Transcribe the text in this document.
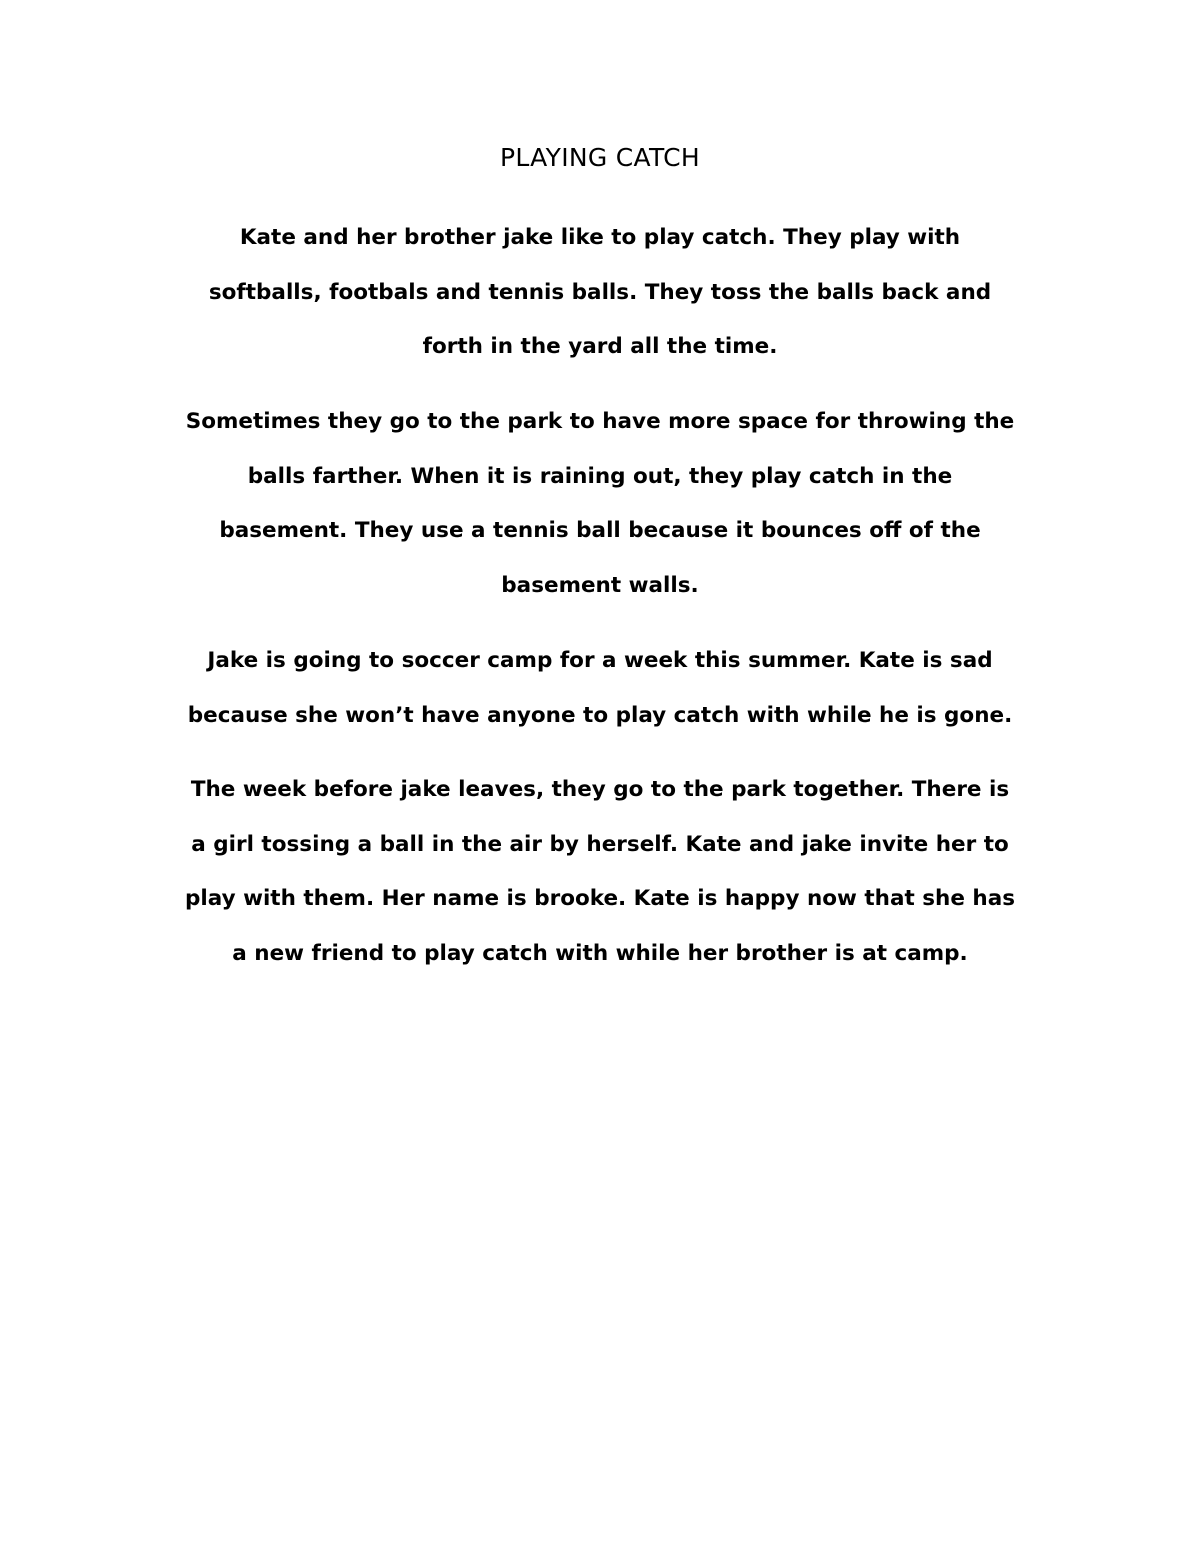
PLAYING CATCH

Kate and her brother jake like to play catch. They play with
softballs, footbals and tennis balls. They toss the balls back and
forth in the yard all the time.

Sometimes they go to the park to have more space for throwing the
balls farther. When it is raining out, they play catch in the
basement. They use a tennis ball because it bounces off of the
basement walls.

Jake is going to soccer camp for a week this summer. Kate is sad
because she won’t have anyone to play catch with while he is gone.

The week before jake leaves, they go to the park together. There is
a girl tossing a ball in the air by herself. Kate and jake invite her to
play with them. Her name is brooke. Kate is happy now that she has
a new friend to play catch with while her brother is at camp.
